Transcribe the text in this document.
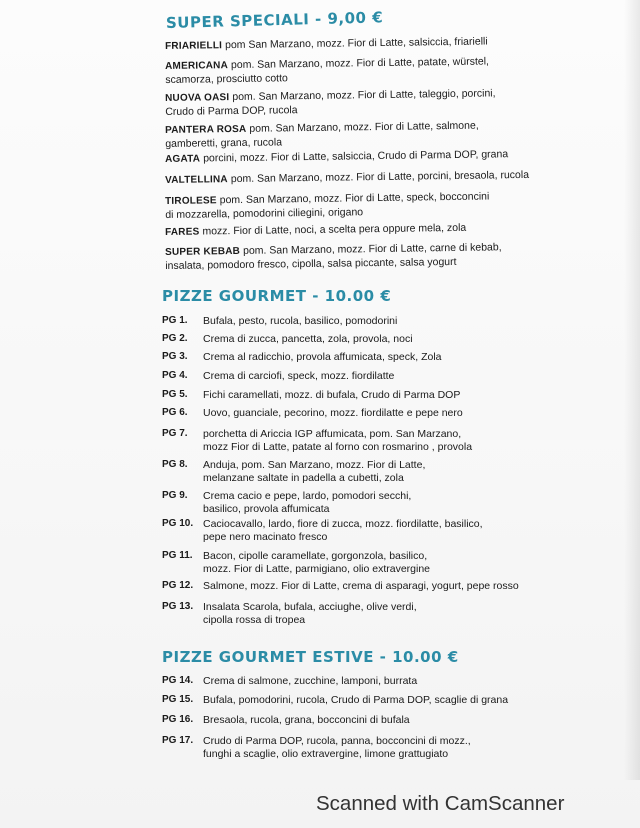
SUPER SPECIALI - 9,00 €
FRIARIELLI pom San Marzano, mozz. Fior di Latte, salsiccia, friarielli
AMERICANA pom. San Marzano, mozz. Fior di Latte, patate, würstel,
scamorza, prosciutto cotto
NUOVA OASI pom. San Marzano, mozz. Fior di Latte, taleggio, porcini,
Crudo di Parma DOP, rucola
PANTERA ROSA pom. San Marzano, mozz. Fior di Latte, salmone,
gamberetti, grana, rucola
AGATA porcini, mozz. Fior di Latte, salsiccia, Crudo di Parma DOP, grana
VALTELLINA pom. San Marzano, mozz. Fior di Latte, porcini, bresaola, rucola
TIROLESE pom. San Marzano, mozz. Fior di Latte, speck, bocconcini
di mozzarella, pomodorini ciliegini, origano
FARES mozz. Fior di Latte, noci, a scelta pera oppure mela, zola
SUPER KEBAB pom. San Marzano, mozz. Fior di Latte, carne di kebab,
insalata, pomodoro fresco, cipolla, salsa piccante, salsa yogurt
PIZZE GOURMET - 10.00 €
PG 1.	Bufala, pesto, rucola, basilico, pomodorini
PG 2.	Crema di zucca, pancetta, zola, provola, noci
PG 3.	Crema al radicchio, provola affumicata, speck, Zola
PG 4.	Crema di carciofi, speck, mozz. fiordilatte
PG 5.	Fichi caramellati, mozz. di bufala, Crudo di Parma DOP
PG 6.	Uovo, guanciale, pecorino, mozz. fiordilatte e pepe nero
PG 7.	porchetta di Ariccia IGP affumicata, pom. San Marzano,
mozz Fior di Latte, patate al forno con rosmarino , provola
PG 8.	Anduja, pom. San Marzano, mozz. Fior di Latte,
melanzane saltate in padella a cubetti, zola
PG 9.	Crema cacio e pepe, lardo, pomodori secchi,
basilico, provola affumicata
PG 10. Caciocavallo, lardo, fiore di zucca, mozz. fiordilatte, basilico,
pepe nero macinato fresco
PG 11. Bacon, cipolle caramellate, gorgonzola, basilico,
mozz. Fior di Latte, parmigiano, olio extravergine
PG 12. Salmone, mozz. Fior di Latte, crema di asparagi, yogurt, pepe rosso
PG 13. Insalata Scarola, bufala, acciughe, olive verdi,
cipolla rossa di tropea
PIZZE GOURMET ESTIVE - 10.00 €
PG 14. Crema di salmone, zucchine, lamponi, burrata
PG 15. Bufala, pomodorini, rucola, Crudo di Parma DOP, scaglie di grana
PG 16. Bresaola, rucola, grana, bocconcini di bufala
PG 17. Crudo di Parma DOP, rucola, panna, bocconcini di mozz.,
funghi a scaglie, olio extravergine, limone grattugiato
Scanned with CamScanner
